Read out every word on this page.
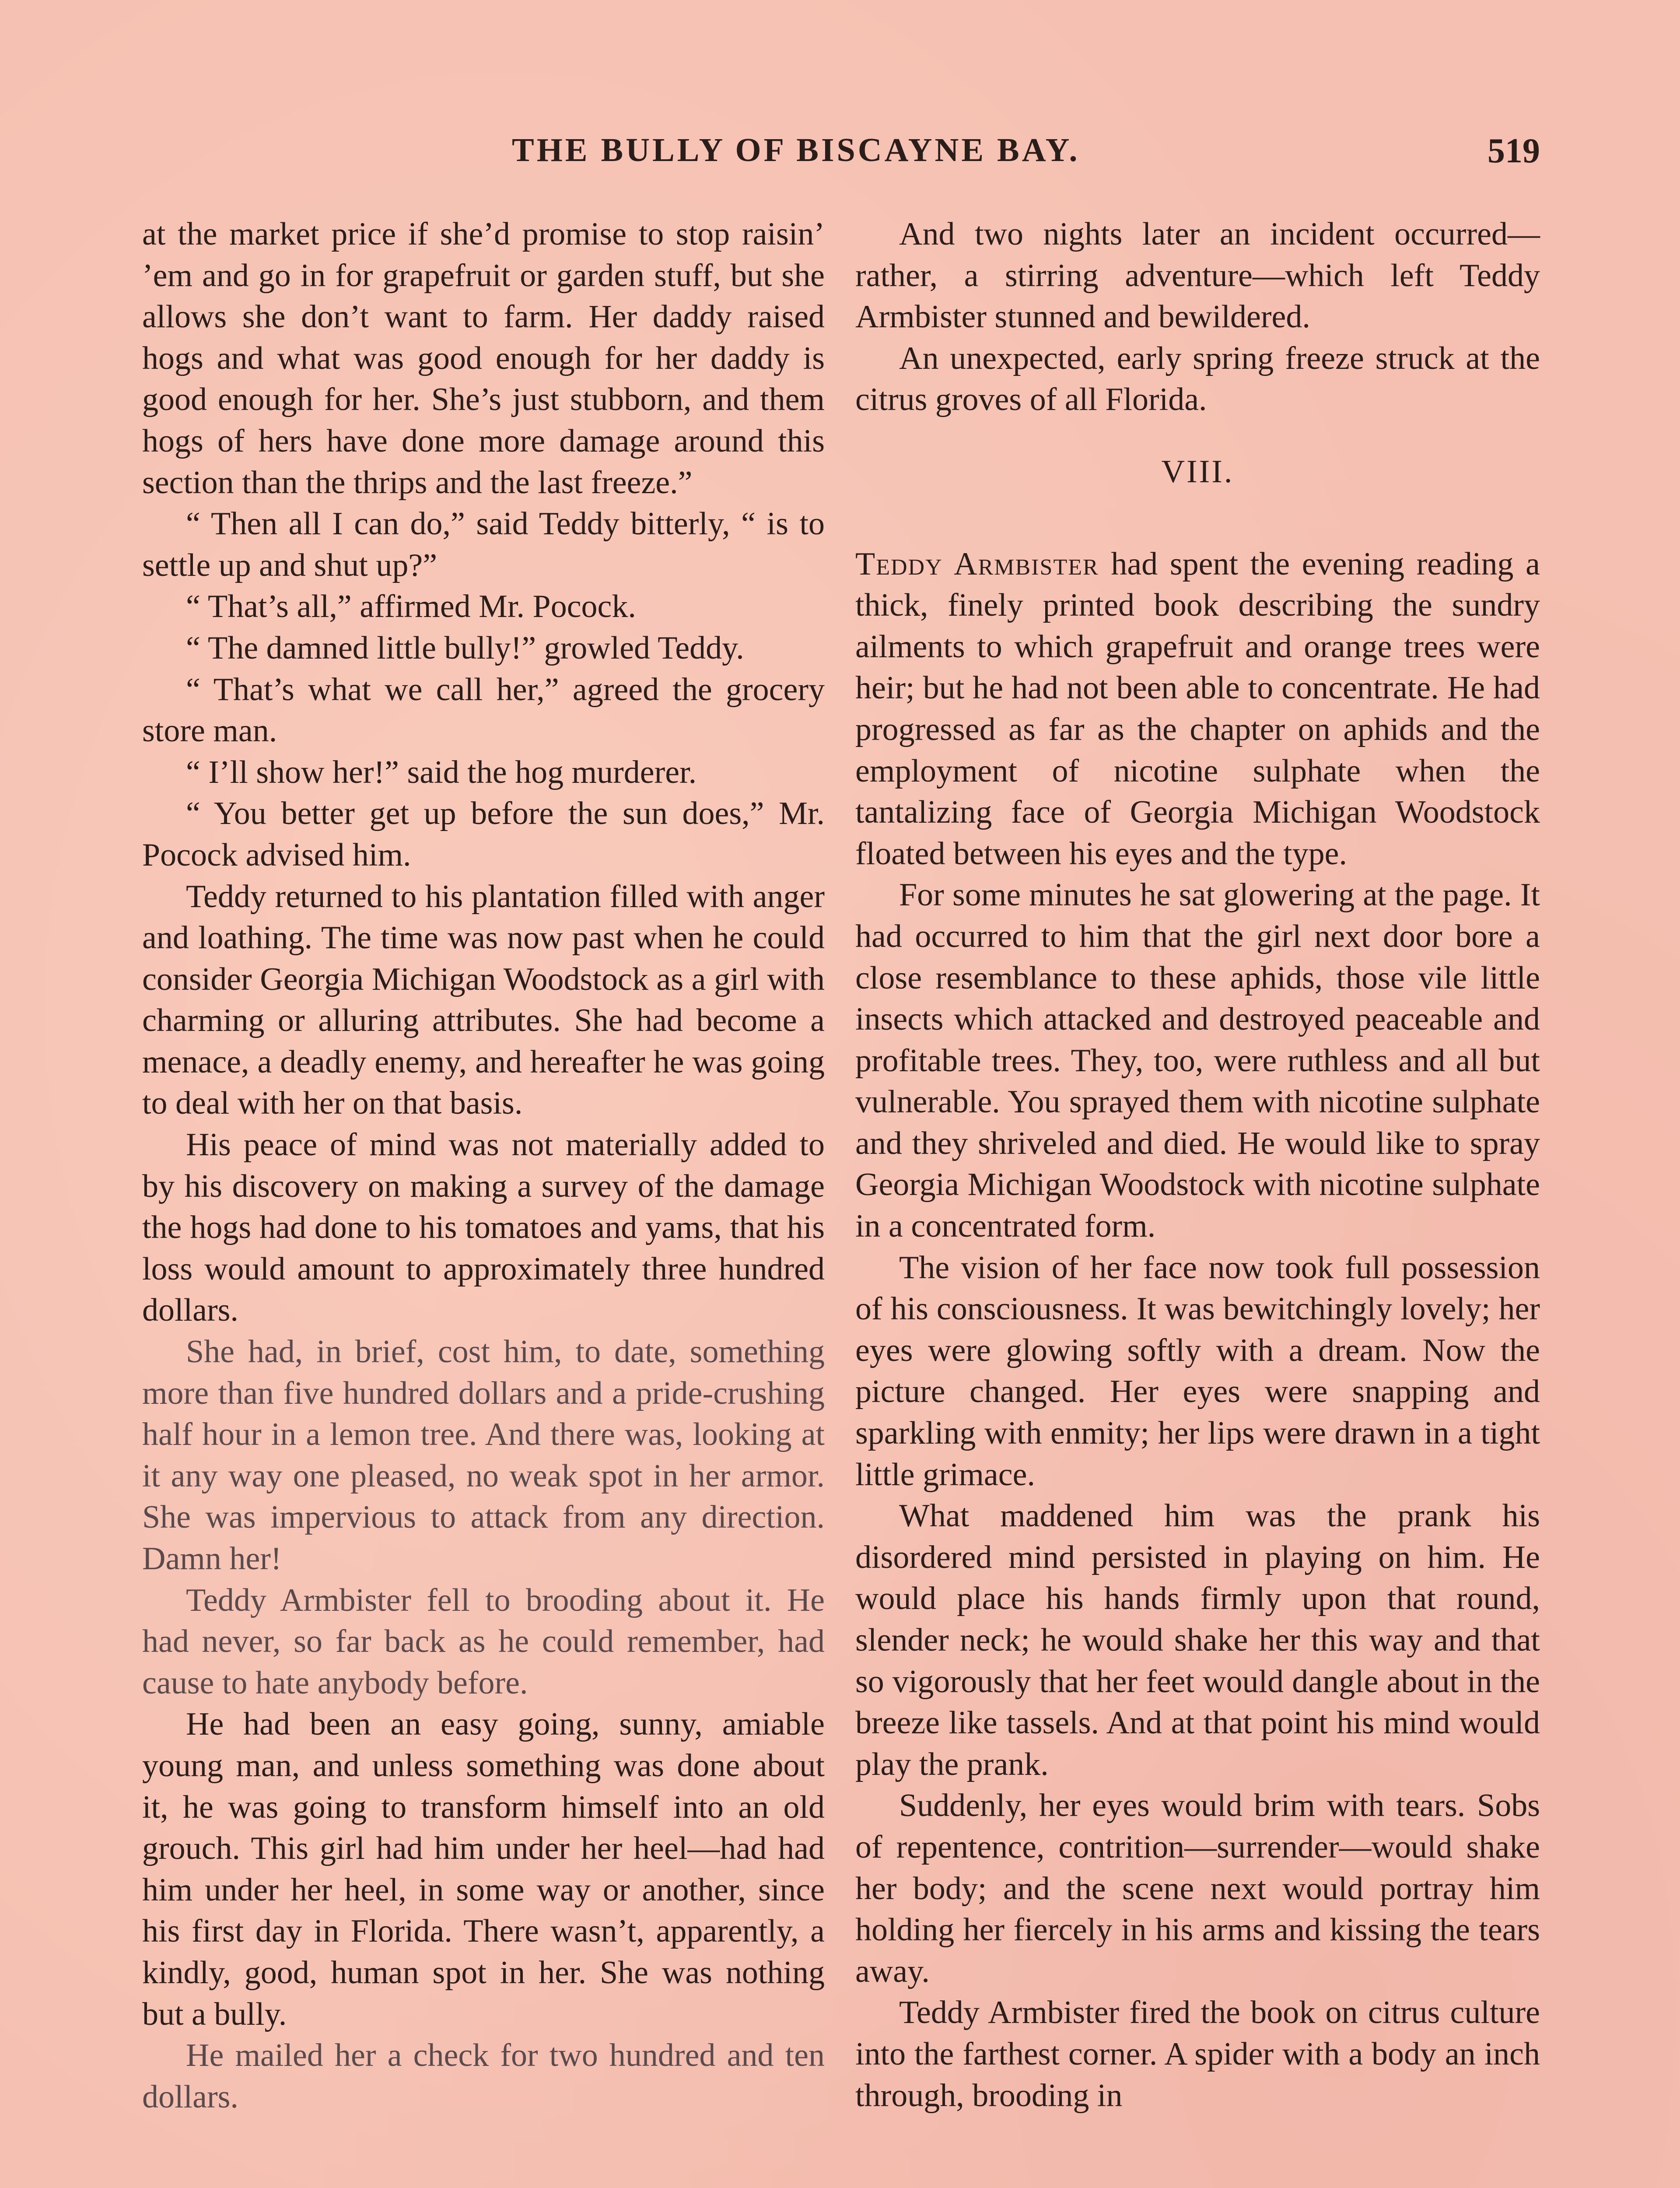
THE BULLY OF BISCAYNE BAY.	519

at the market price if she’d promise to stop raisin’ ’em and go in for grapefruit or garden stuff, but she allows she don’t want to farm. Her daddy raised hogs and what was good enough for her daddy is good enough for her. She’s just stubborn, and them hogs of hers have done more damage around this section than the thrips and the last freeze.”

“ Then all I can do,” said Teddy bitterly, “ is to settle up and shut up?”

“ That’s all,” affirmed Mr. Pocock.

“ The damned little bully!” growled Teddy.

“ That’s what we call her,” agreed the grocery store man.

“ I’ll show her!” said the hog murderer.

“ You better get up before the sun does,” Mr. Pocock advised him.

Teddy returned to his plantation filled with anger and loathing. The time was now past when he could consider Georgia Michigan Woodstock as a girl with charming or alluring attributes. She had become a menace, a deadly enemy, and hereafter he was going to deal with her on that basis.

His peace of mind was not materially added to by his discovery on making a survey of the damage the hogs had done to his tomatoes and yams, that his loss would amount to approximately three hundred dollars.

She had, in brief, cost him, to date, something more than five hundred dollars and a pride-crushing half hour in a lemon tree. And there was, looking at it any way one pleased, no weak spot in her armor. She was impervious to attack from any direction. Damn her!

Teddy Armbister fell to brooding about it. He had never, so far back as he could remember, had cause to hate anybody before.

He had been an easy going, sunny, amiable young man, and unless something was done about it, he was going to transform himself into an old grouch. This girl had him under her heel—had had him under her heel, in some way or another, since his first day in Florida. There wasn’t, apparently, a kindly, good, human spot in her. She was nothing but a bully.

He mailed her a check for two hundred and ten dollars.

And two nights later an incident occurred—rather, a stirring adventure—which left Teddy Armbister stunned and bewildered.

An unexpected, early spring freeze struck at the citrus groves of all Florida.

VIII.

Teddy Armbister had spent the evening reading a thick, finely printed book describing the sundry ailments to which grapefruit and orange trees were heir; but he had not been able to concentrate. He had progressed as far as the chapter on aphids and the employment of nicotine sulphate when the tantalizing face of Georgia Michigan Woodstock floated between his eyes and the type.

For some minutes he sat glowering at the page. It had occurred to him that the girl next door bore a close resemblance to these aphids, those vile little insects which attacked and destroyed peaceable and profitable trees. They, too, were ruthless and all but vulnerable. You sprayed them with nicotine sulphate and they shriveled and died. He would like to spray Georgia Michigan Woodstock with nicotine sulphate in a concentrated form.

The vision of her face now took full possession of his consciousness. It was bewitchingly lovely; her eyes were glowing softly with a dream. Now the picture changed. Her eyes were snapping and sparkling with enmity; her lips were drawn in a tight little grimace.

What maddened him was the prank his disordered mind persisted in playing on him. He would place his hands firmly upon that round, slender neck; he would shake her this way and that so vigorously that her feet would dangle about in the breeze like tassels. And at that point his mind would play the prank.

Suddenly, her eyes would brim with tears. Sobs of repentence, contrition—surrender—would shake her body; and the scene next would portray him holding her fiercely in his arms and kissing the tears away.

Teddy Armbister fired the book on citrus culture into the farthest corner. A spider with a body an inch through, brooding in
